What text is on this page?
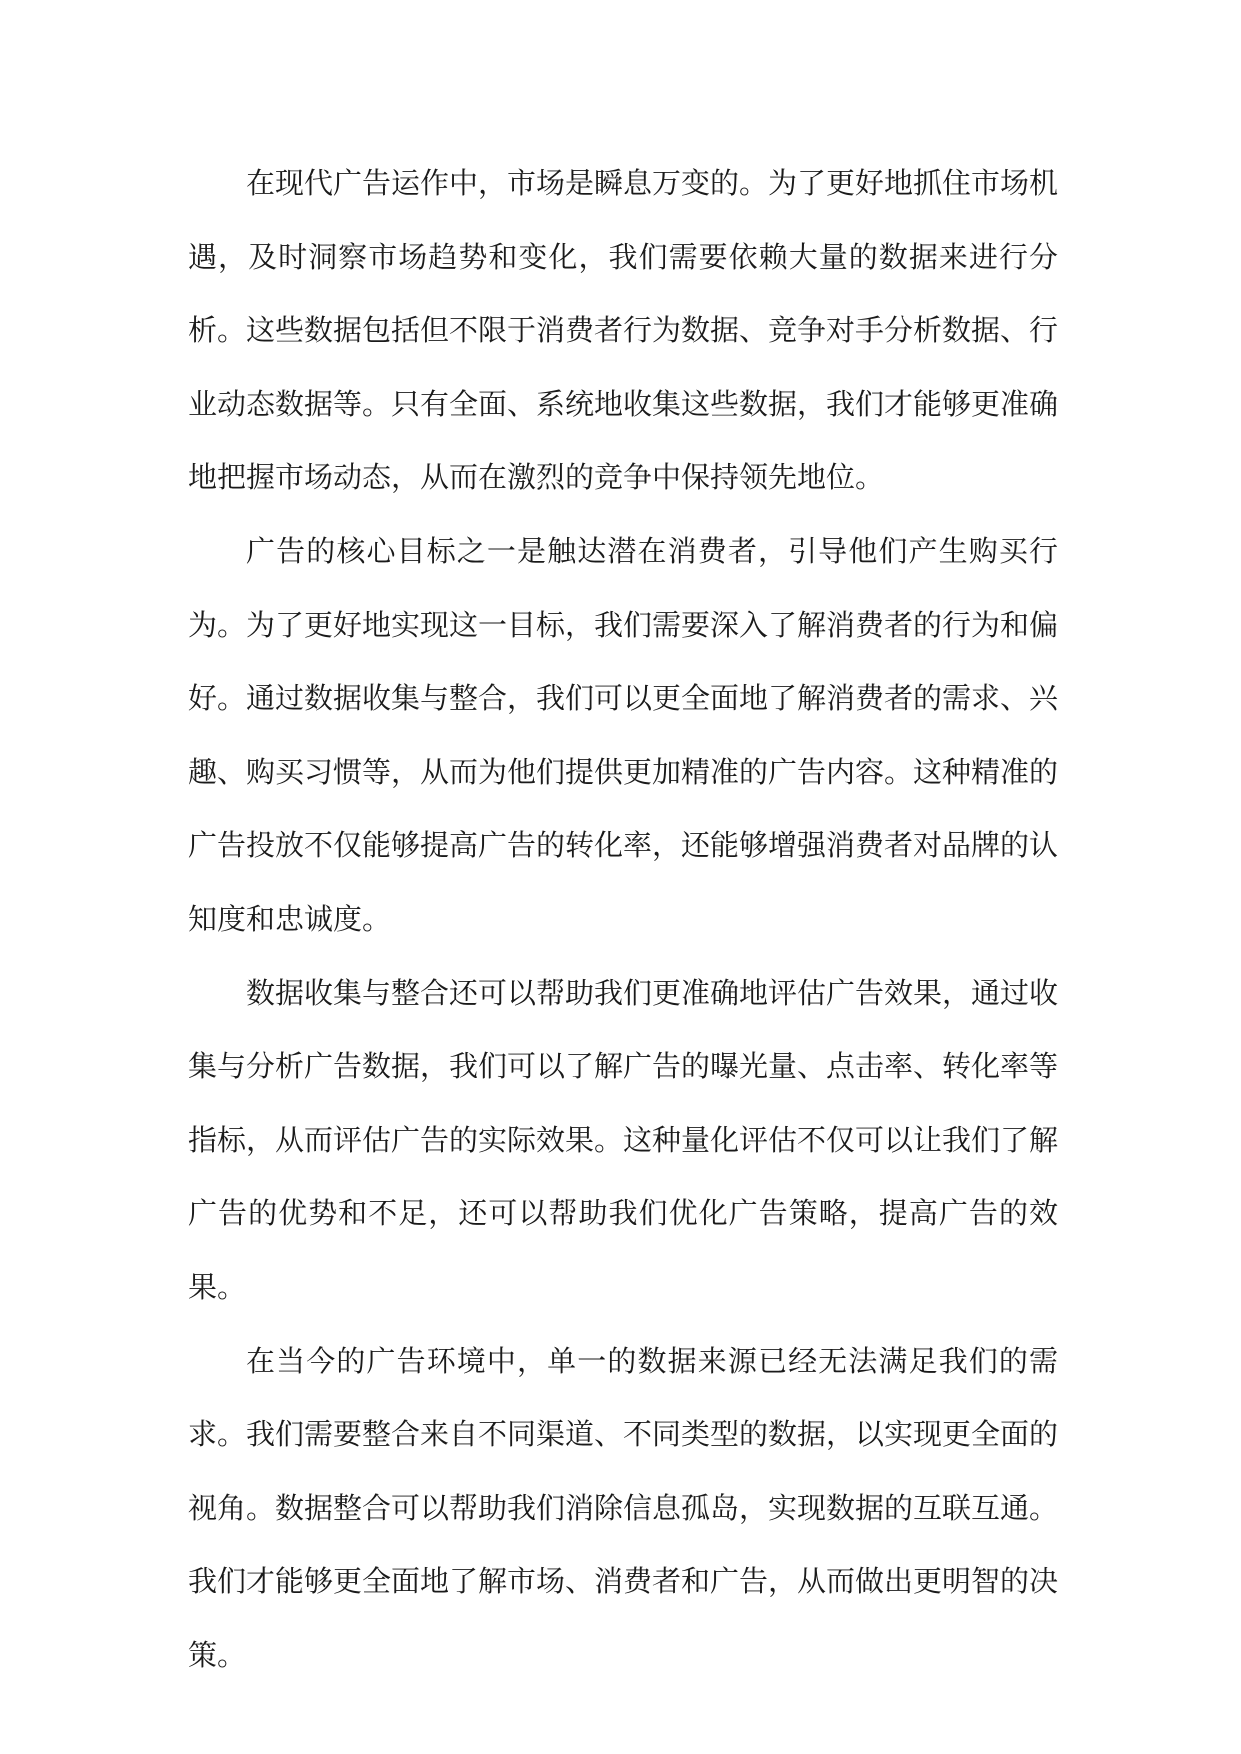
在现代广告运作中，市场是瞬息万变的。为了更好地抓住市场机遇，及时洞察市场趋势和变化，我们需要依赖大量的数据来进行分析。这些数据包括但不限于消费者行为数据、竞争对手分析数据、行业动态数据等。只有全面、系统地收集这些数据，我们才能够更准确地把握市场动态，从而在激烈的竞争中保持领先地位。

广告的核心目标之一是触达潜在消费者，引导他们产生购买行为。为了更好地实现这一目标，我们需要深入了解消费者的行为和偏好。通过数据收集与整合，我们可以更全面地了解消费者的需求、兴趣、购买习惯等，从而为他们提供更加精准的广告内容。这种精准的广告投放不仅能够提高广告的转化率，还能够增强消费者对品牌的认知度和忠诚度。

数据收集与整合还可以帮助我们更准确地评估广告效果，通过收集与分析广告数据，我们可以了解广告的曝光量、点击率、转化率等指标，从而评估广告的实际效果。这种量化评估不仅可以让我们了解广告的优势和不足，还可以帮助我们优化广告策略，提高广告的效果。

在当今的广告环境中，单一的数据来源已经无法满足我们的需求。我们需要整合来自不同渠道、不同类型的数据，以实现更全面的视角。数据整合可以帮助我们消除信息孤岛，实现数据的互联互通。我们才能够更全面地了解市场、消费者和广告，从而做出更明智的决策。
